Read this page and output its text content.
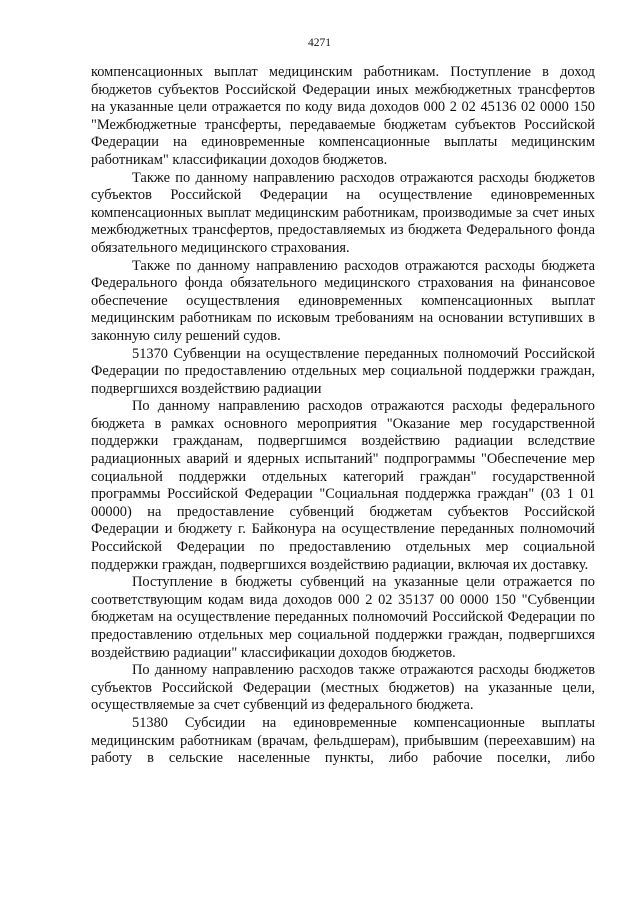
4271

компенсационных выплат медицинским работникам. Поступление в доход бюджетов субъектов Российской Федерации иных межбюджетных трансфертов на указанные цели отражается по коду вида доходов 000 2 02 45136 02 0000 150 "Межбюджетные трансферты, передаваемые бюджетам субъектов Российской Федерации на единовременные компенсационные выплаты медицинским работникам" классификации доходов бюджетов.

Также по данному направлению расходов отражаются расходы бюджетов субъектов Российской Федерации на осуществление единовременных компенсационных выплат медицинским работникам, производимые за счет иных межбюджетных трансфертов, предоставляемых из бюджета Федерального фонда обязательного медицинского страхования.

Также по данному направлению расходов отражаются расходы бюджета Федерального фонда обязательного медицинского страхования на финансовое обеспечение осуществления единовременных компенсационных выплат медицинским работникам по исковым требованиям на основании вступивших в законную силу решений судов.

51370 Субвенции на осуществление переданных полномочий Российской Федерации по предоставлению отдельных мер социальной поддержки граждан, подвергшихся воздействию радиации

По данному направлению расходов отражаются расходы федерального бюджета в рамках основного мероприятия "Оказание мер государственной поддержки гражданам, подвергшимся воздействию радиации вследствие радиационных аварий и ядерных испытаний" подпрограммы "Обеспечение мер социальной поддержки отдельных категорий граждан" государственной программы Российской Федерации "Социальная поддержка граждан" (03 1 01 00000) на предоставление субвенций бюджетам субъектов Российской Федерации и бюджету г. Байконура на осуществление переданных полномочий Российской Федерации по предоставлению отдельных мер социальной поддержки граждан, подвергшихся воздействию радиации, включая их доставку.

Поступление в бюджеты субвенций на указанные цели отражается по соответствующим кодам вида доходов 000 2 02 35137 00 0000 150 "Субвенции бюджетам на осуществление переданных полномочий Российской Федерации по предоставлению отдельных мер социальной поддержки граждан, подвергшихся воздействию радиации" классификации доходов бюджетов.

По данному направлению расходов также отражаются расходы бюджетов субъектов Российской Федерации (местных бюджетов) на указанные цели, осуществляемые за счет субвенций из федерального бюджета.

51380 Субсидии на единовременные компенсационные выплаты медицинским работникам (врачам, фельдшерам), прибывшим (переехавшим) на работу в сельские населенные пункты, либо рабочие поселки, либо
